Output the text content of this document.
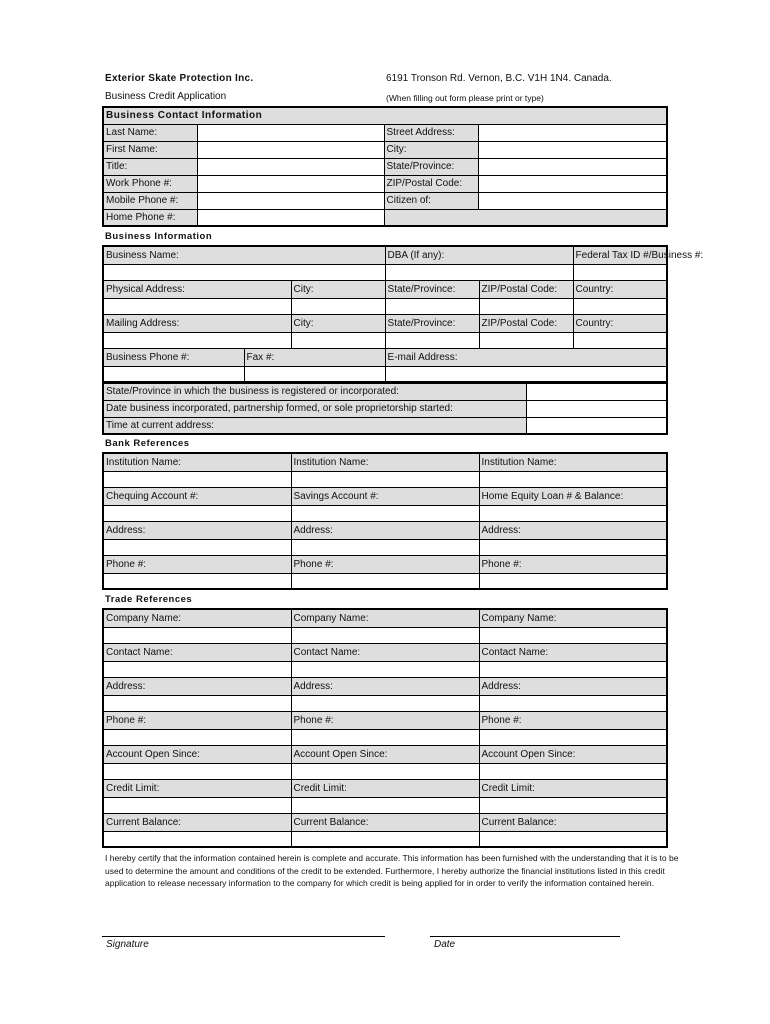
Exterior Skate Protection Inc.	6191 Tronson Rd. Vernon, B.C. V1H 1N4. Canada.
Business Credit Application	(When filling out form please print or type)
Business Contact Information			
Last Name:		Street Address:	
First Name:		City:	
Title:		State/Province:	
Work Phone #:		ZIP/Postal Code:	
Mobile Phone #:		Citizen of:	
Home Phone #:			
Business Information
Business Name:			DBA (If any):		Federal Tax ID #/Business #:

Physical Address:		City:	State/Province:	ZIP/Postal Code:	Country:

Mailing Address:		City:	State/Province:	ZIP/Postal Code:	Country:

Business Phone #:	Fax #:		E-mail Address:		

State/Province in which the business is registered or incorporated:	
Date business incorporated, partnership formed, or sole proprietorship started:	
Time at current address:	
Bank References
Institution Name:	Institution Name:	Institution Name:

Chequing Account #:	Savings Account #:	Home Equity Loan # & Balance:

Address:	Address:	Address:

Phone #:	Phone #:	Phone #:

Trade References
Company Name:	Company Name:	Company Name:

Contact Name:	Contact Name:	Contact Name:

Address:	Address:	Address:

Phone #:	Phone #:	Phone #:

Account Open Since:	Account Open Since:	Account Open Since:

Credit Limit:	Credit Limit:	Credit Limit:

Current Balance:	Current Balance:	Current Balance:

I hereby certify that the information contained herein is complete and accurate. This information has been furnished with the understanding that it is to be used to determine the amount and conditions of the credit to be extended. Furthermore, I hereby authorize the financial institutions listed in this credit application to release necessary information to the company for which credit is being applied for in order to verify the information contained herein.
Signature	Date
